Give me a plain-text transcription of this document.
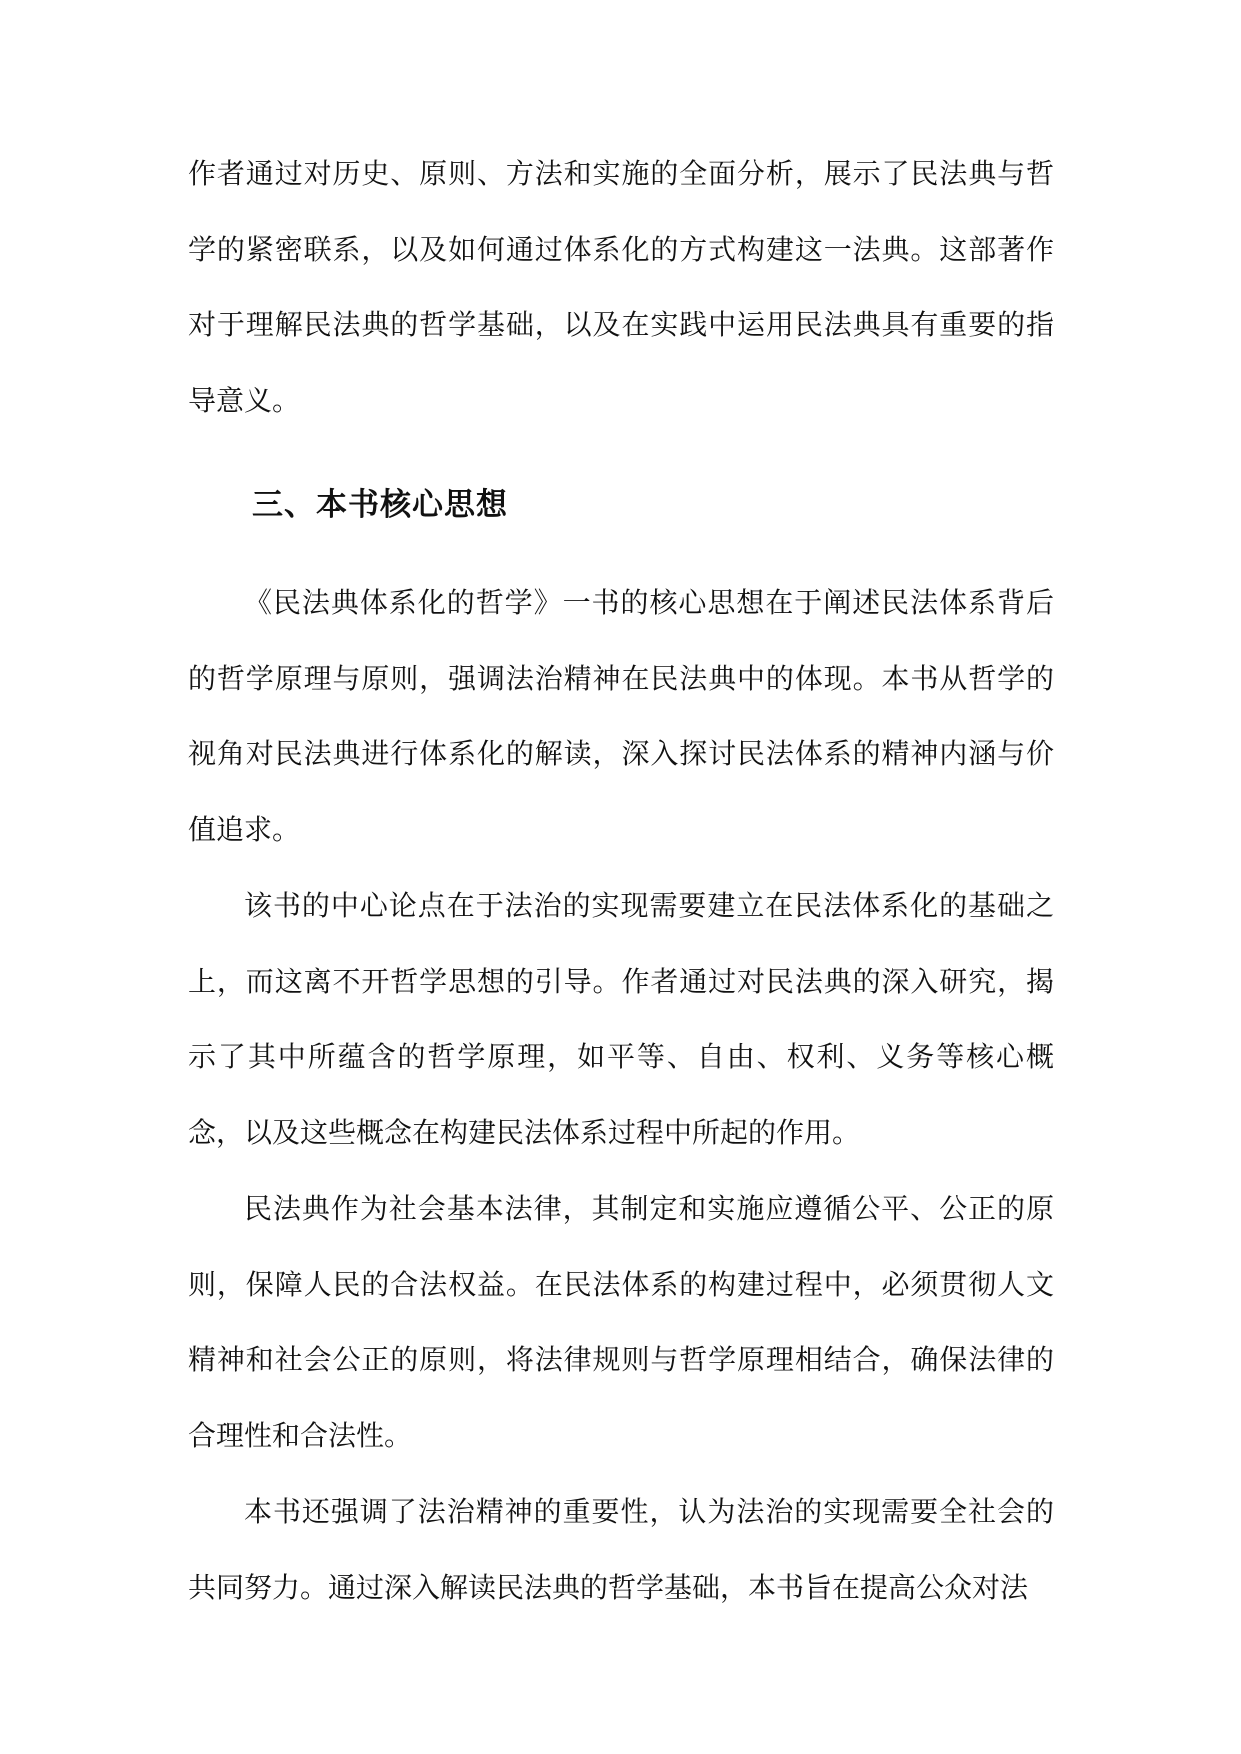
作者通过对历史、原则、方法和实施的全面分析，展示了民法典与哲学的紧密联系，以及如何通过体系化的方式构建这一法典。这部著作对于理解民法典的哲学基础，以及在实践中运用民法典具有重要的指导意义。

三、本书核心思想

《民法典体系化的哲学》一书的核心思想在于阐述民法体系背后的哲学原理与原则，强调法治精神在民法典中的体现。本书从哲学的视角对民法典进行体系化的解读，深入探讨民法体系的精神内涵与价值追求。

该书的中心论点在于法治的实现需要建立在民法体系化的基础之上，而这离不开哲学思想的引导。作者通过对民法典的深入研究，揭示了其中所蕴含的哲学原理，如平等、自由、权利、义务等核心概念，以及这些概念在构建民法体系过程中所起的作用。

民法典作为社会基本法律，其制定和实施应遵循公平、公正的原则，保障人民的合法权益。在民法体系的构建过程中，必须贯彻人文精神和社会公正的原则，将法律规则与哲学原理相结合，确保法律的合理性和合法性。

本书还强调了法治精神的重要性，认为法治的实现需要全社会的共同努力。通过深入解读民法典的哲学基础，本书旨在提高公众对法
